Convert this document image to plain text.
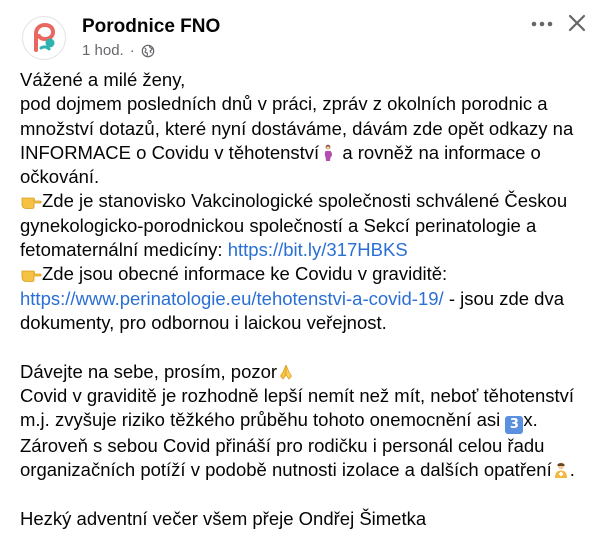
Porodnice FNO
1 hod. ·

Vážené a milé ženy,

pod dojmem posledních dnů v práci, zpráv z okolních porodnic a množství dotazů, které nyní dostáváme, dávám zde opět odkazy na INFORMACE o Covidu v těhotenství a rovněž na informace o očkování.

Zde je stanovisko Vakcinologické společnosti schválené Českou gynekologicko-porodnickou společností a Sekcí perinatologie a fetomaternální medicíny: https://bit.ly/317HBKS

Zde jsou obecné informace ke Covidu v graviditě: https://www.perinatologie.eu/tehotenstvi-a-covid-19/ - jsou zde dva dokumenty, pro odbornou i laickou veřejnost.

Dávejte na sebe, prosím, pozor

Covid v graviditě je rozhodně lepší nemít než mít, neboť těhotenství m.j. zvyšuje riziko těžkého průběhu tohoto onemocnění asi 3 x. Zároveň s sebou Covid přináší pro rodičku i personál celou řadu organizačních potíží v podobě nutnosti izolace a dalších opatření .

Hezký adventní večer všem přeje Ondřej Šimetka
